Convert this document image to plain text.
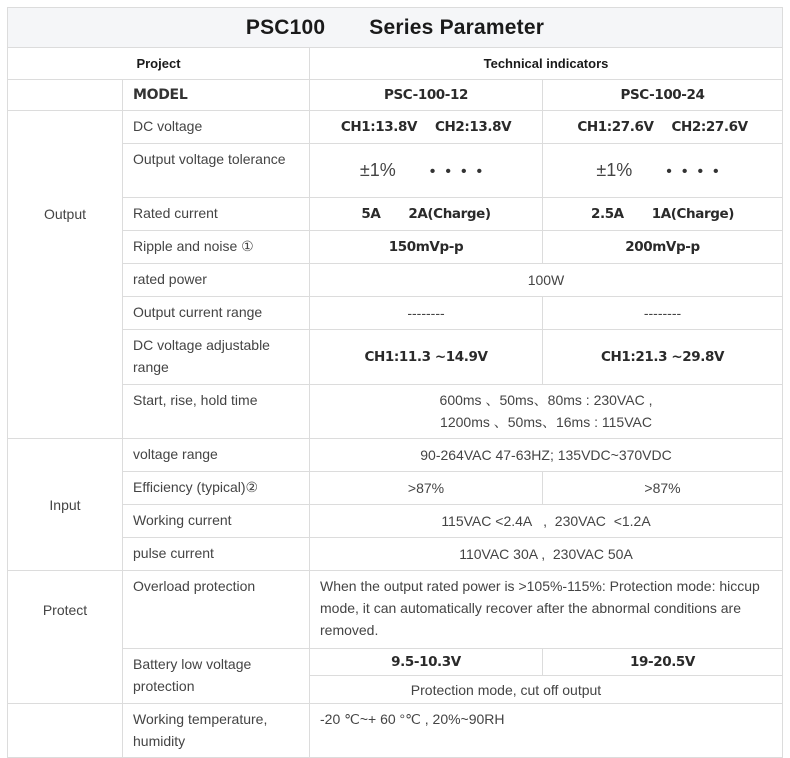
PSC100 Series Parameter			
Project		Technical indicators	
	MODEL	PSC-100-12	PSC-100-24
Output	DC voltage	CH1:13.8V CH2:13.8V	CH1:27.6V CH2:27.6V
	Output voltage tolerance	±1% ••••	±1% ••••
	Rated current	5A 2A(Charge)	2.5A 1A(Charge)
	Ripple and noise ①	150mVp-p	200mVp-p
	rated power	100W	
	Output current range	--------	--------
	DC voltage adjustable range	CH1:11.3 ~14.9V	CH1:21.3 ~29.8V
	Start, rise, hold time	600ms 、50ms、80ms : 230VAC ,
1200ms 、50ms、16ms : 115VAC	

Input	voltage range	90-264VAC 47-63HZ; 135VDC~370VDC	
	Efficiency (typical)②	>87%	>87%
	Working current	115VAC <2.4A   ,  230VAC  <1.2A	
	pulse current	110VAC 30A ,  230VAC 50A	
Protect	Overload protection	When the output rated power is >105%-115%: Protection mode: hiccup mode, it can automatically recover after the abnormal conditions are removed.	
	Battery low voltage protection	9.5-10.3V	19-20.5V
		Protection mode, cut off output	
	Working temperature, humidity	-20 ℃~+ 60 °℃ , 20%~90RH	
